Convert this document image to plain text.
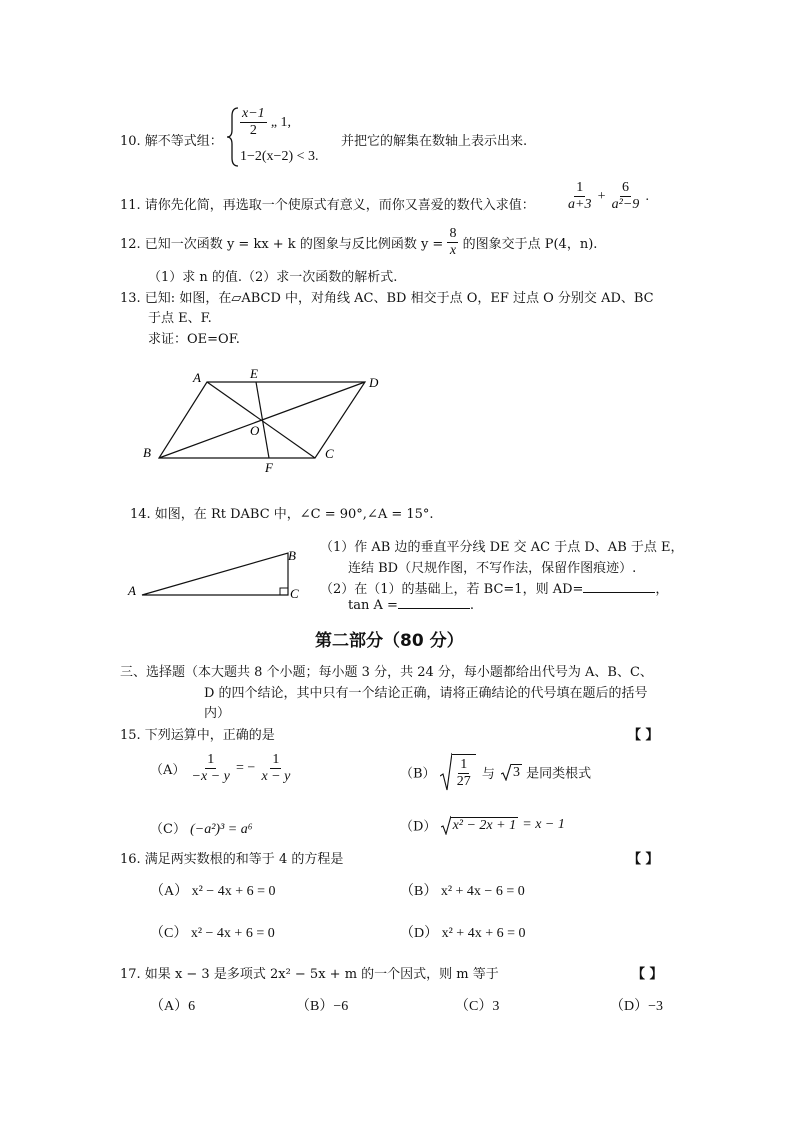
10. 解不等式组：
$\frac{x-1}{2}$ „ 1,
1−2(x−2) < 3.
并把它的解集在数轴上表示出来.
11. 请你先化简，再选取一个使原式有意义，而你又喜爱的数代入求值： $\frac{1}{a+3} + \frac{6}{\text{a²−9}}$ .
12. 已知一次函数 y = kx + k 的图象与反比例函数 $y = \frac{8}{x}$ 的图象交于点 P(4，n).
（1）求 n 的值.（2）求一次函数的解析式.
13. 已知: 如图，在▱ABCD 中，对角线 AC、BD 相交于点 O，EF 过点 O 分别交 AD、BC
于点 E、F.
求证：OE=OF.
A	E
D
O
B
F
C
14. 如图，在 Rt DABC 中，∠C = 90°,∠A = 15°.
A
B
C
（1）作 AB 边的垂直平分线 DE 交 AC 于点 D、AB 于点 E，
连结 BD（尺规作图，不写作法，保留作图痕迹）.
（2）在（1）的基础上，若 BC=1，则 AD=	，
tan A =	.
第二部分（80 分）
三、选择题（本大题共 8 个小题；每小题 3 分，共 24 分，每小题都给出代号为 A、B、C、
D 的四个结论，其中只有一个结论正确，请将正确结论的代号填在题后的括号
内）
15. 下列运算中，正确的是	【 】
$(A) \frac{1}{-x - y}$ = − $\frac{1}{x - y}$	$(B) \frac{1}{27}$ 与 3 是同类根式
（C） (−a²)³ = a⁶	（D） x² − 2x + 1 = x − 1
16. 满足两实数根的和等于 4 的方程是	【 】
（A） x² − 4x + 6 = 0	（B） x² + 4x − 6 = 0
（C） x² − 4x + 6 = 0	（D） x² + 4x + 6 = 0
17. 如果 x − 3 是多项式 2x² − 5x + m 的一个因式，则 m 等于	【 】
（A）6	（B）−6	（C）3	（D）−3
